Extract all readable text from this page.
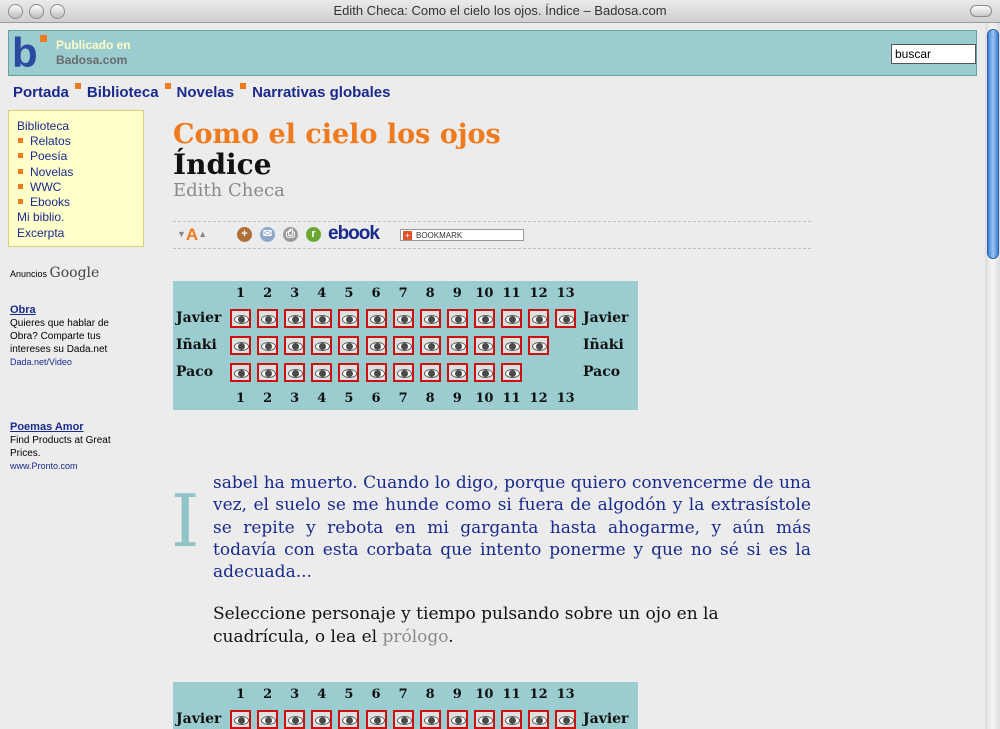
Edith Checa: Como el cielo los ojos. Índice – Badosa.com
b Publicado en
Badosa.com
buscar
Portada Biblioteca Novelas Narrativas globales
Biblioteca
Relatos
Poesía
Novelas
WWC
Ebooks
Mi biblio.
Excerpta
Anuncios Google
Obra
Quieres que hablar de Obra? Comparte tus intereses su Dada.net
Dada.net/Video
Poemas Amor
Find Products at Great Prices.
www.Pronto.com
Como el cielo los ojos
Índice
Edith Checa
▼A▲	+	✉ ⎙	r ebook
+	BOOKMARK
1	2	3	4	5	6	7	8	9	10 11 12 13
Javier	Javier
Iñaki	Iñaki
Paco	Paco
1	2	3	4	5	6	7	8	9	10 11 12 13
I sabel ha muerto. Cuando lo digo, porque quiero convencerme de una vez, el suelo se me hunde como si fuera de algodón y la extrasístole se repite y rebota en mi garganta hasta ahogarme, y aún más todavía con esta corbata que intento ponerme y que no sé si es la adecuada...
Seleccione personaje y tiempo pulsando sobre un ojo en la cuadrícula, o lea el prólogo.
1	2	3	4	5	6	7	8	9	10 11 12 13
Javier	Javier
